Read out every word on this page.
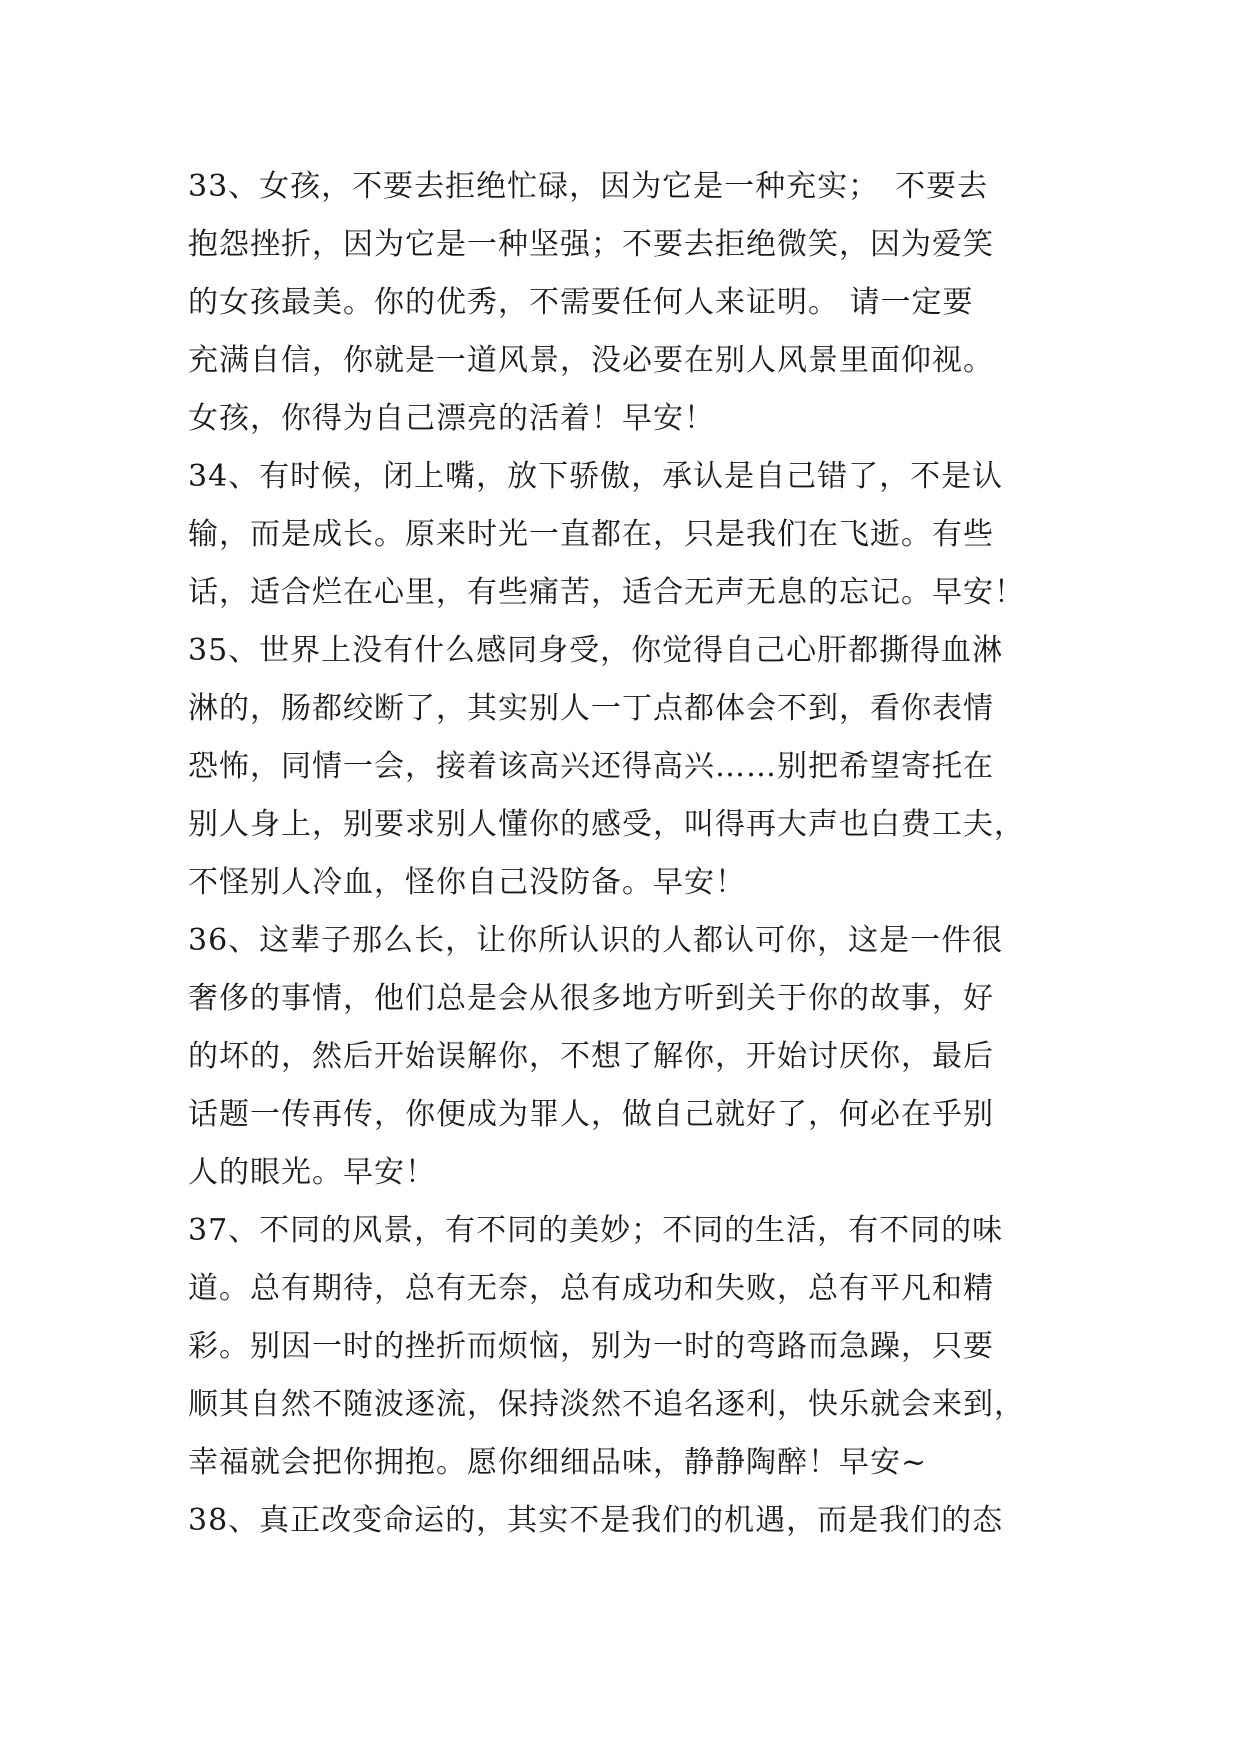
33、女孩，不要去拒绝忙碌，因为它是一种充实；　不要去
抱怨挫折，因为它是一种坚强；不要去拒绝微笑，因为爱笑
的女孩最美。你的优秀，不需要任何人来证明。 请一定要
充满自信，你就是一道风景，没必要在别人风景里面仰视。
女孩，你得为自己漂亮的活着！早安！
34、有时候，闭上嘴，放下骄傲，承认是自己错了，不是认
输，而是成长。原来时光一直都在，只是我们在飞逝。有些
话，适合烂在心里，有些痛苦，适合无声无息的忘记。早安！
35、世界上没有什么感同身受，你觉得自己心肝都撕得血淋
淋的，肠都绞断了，其实别人一丁点都体会不到，看你表情
恐怖，同情一会，接着该高兴还得高兴……别把希望寄托在
别人身上，别要求别人懂你的感受，叫得再大声也白费工夫，
不怪别人冷血，怪你自己没防备。早安！
36、这辈子那么长，让你所认识的人都认可你，这是一件很
奢侈的事情，他们总是会从很多地方听到关于你的故事，好
的坏的，然后开始误解你，不想了解你，开始讨厌你，最后
话题一传再传，你便成为罪人，做自己就好了，何必在乎别
人的眼光。早安！
37、不同的风景，有不同的美妙；不同的生活，有不同的味
道。总有期待，总有无奈，总有成功和失败，总有平凡和精
彩。别因一时的挫折而烦恼，别为一时的弯路而急躁，只要
顺其自然不随波逐流，保持淡然不追名逐利，快乐就会来到，
幸福就会把你拥抱。愿你细细品味，静静陶醉！早安~
38、真正改变命运的，其实不是我们的机遇，而是我们的态
